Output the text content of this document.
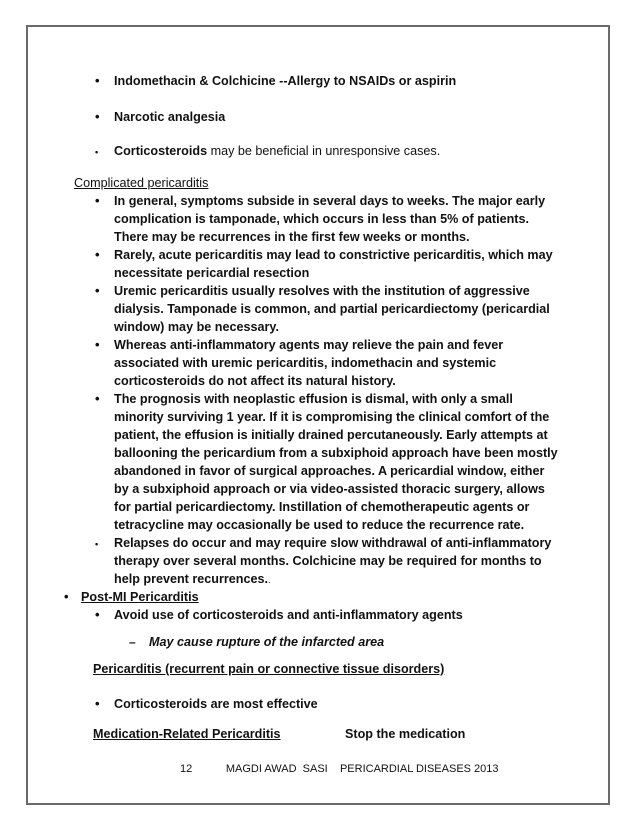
• Indomethacin & Colchicine --Allergy to NSAIDs or aspirin
• Narcotic analgesia
• Corticosteroids may be beneficial in unresponsive cases.
Complicated pericarditis
• In general, symptoms subside in several days to weeks. The major early
complication is tamponade, which occurs in less than 5% of patients.
There may be recurrences in the first few weeks or months.
• Rarely, acute pericarditis may lead to constrictive pericarditis, which may
necessitate pericardial resection
• Uremic pericarditis usually resolves with the institution of aggressive
dialysis. Tamponade is common, and partial pericardiectomy (pericardial
window) may be necessary.
• Whereas anti-inflammatory agents may relieve the pain and fever
associated with uremic pericarditis, indomethacin and systemic
corticosteroids do not affect its natural history.
• The prognosis with neoplastic effusion is dismal, with only a small
minority surviving 1 year. If it is compromising the clinical comfort of the
patient, the effusion is initially drained percutaneously. Early attempts at
ballooning the pericardium from a subxiphoid approach have been mostly
abandoned in favor of surgical approaches. A pericardial window, either
by a subxiphoid approach or via video-assisted thoracic surgery, allows
for partial pericardiectomy. Instillation of chemotherapeutic agents or
tetracycline may occasionally be used to reduce the recurrence rate.
• Relapses do occur and may require slow withdrawal of anti-inflammatory
therapy over several months. Colchicine may be required for months to
help prevent recurrences..
• Post-MI Pericarditis
• Avoid use of corticosteroids and anti-inflammatory agents
– May cause rupture of the infarcted area
Pericarditis (recurrent pain or connective tissue disorders)
• Corticosteroids are most effective
Medication-Related Pericarditis	Stop the medication
12	MAGDI AWAD  SASI    PERICARDIAL DISEASES 2013
